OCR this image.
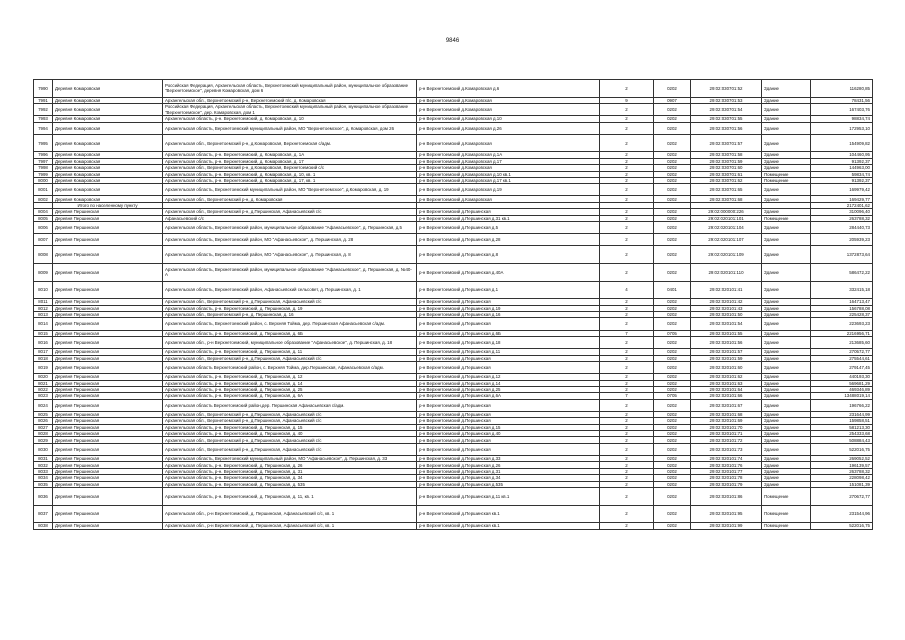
9846
7990	Деревня Комаровская	Российская Федерация, Архангельская область, Верхнетоемский муниципальный район, муниципальное образование "Верхнетоемское", деревня Комаровская, дом 6	р-н Верхнетоемский д.Комаровская д.6	2	0202	29:02:030701:52	Здание	116280,85
7991	Деревня Комаровская	Архангельская обл., Верхнетоемский р-н, Верхнетоемский п/с, д. Комаровская	р-н Верхнетоемский д.Комаровская	9	0907	29:02:030701:53	Здание	78431,56
7992	Деревня Комаровская	Российская Федерация, Архангельская область, Верхнетоемский муниципальный район, муниципальное образование "Верхнетоемское", дер. Комаровская, дом 1	р-н Верхнетоемский д.Комаровская	2	0202	29:02:030701:54	Здание	167403,76
7993	Деревня Комаровская	Архангельская область, р-н. Верхнетоемский, д. Комаровская, д. 10	р-н Верхнетоемский д.Комаровская д.10	2	0202	29:02:030701:55	Здание	98834,74
7994	Деревня Комаровская	Архангельская область, Верхнетоемский муниципальный район, МО "Верхнетоемское", д. Комаровская, дом 26	р-н Верхнетоемский д.Комаровская д.26	2	0202	29:02:030701:56	Здание	172953,10
7995	Деревня Комаровская	Архангельская обл., Верхнетоемский р-н, д.Комаровская, Верхнетоемская с/адм.	р-н Верхнетоемский д.Комаровская	2	0202	29:02:030701:57	Здание	154909,82
7996	Деревня Комаровская	Архангельская область, р-н. Верхнетоемский, д. Комаровская, д. 1А	р-н Верхнетоемский д.Комаровская д.1А	2	0202	29:02:030701:58	Здание	104460,95
7997	Деревня Комаровская	Архангельская область, р-н. Верхнетоемский, д. Комаровская, д. 17	р-н Верхнетоемский д.Комаровская д.17	2	0202	29:02:030701:59	Здание	91392,37
7998	Деревня Комаровская	Архангельская обл., Верхнетоемский р-н, д.Комаровская, Верхнетоемский с/с	р-н Верхнетоемский д.Комаровская	2	0202	29:02:030701:60	Здание	144963,00
7999	Деревня Комаровская	Архангельская область, р-н. Верхнетоемский, д. Комаровская, д. 10, кв. 1	р-н Верхнетоемский д.Комаровская д.10 кв.1	2	0202	29:02:030701:61	Помещение	59834,74
8000	Деревня Комаровская	Архангельская область, р-н. Верхнетоемский, д. Комаровская, д. 17, кв. 1	р-н Верхнетоемский д.Комаровская д.17 кв.1	2	0202	29:02:030701:62	Помещение	91392,37
8001	Деревня Комаровская	Архангельская область, Верхнетоемский муниципальный район, МО "Верхнетоемское", д.Комаровская, д. 19	р-н Верхнетоемский д.Комаровская д.19	2	0202	29:02:030701:65	Здание	169979,42
8002	Деревня Комаровская	Архангельская обл., Верхнетоемский р-н, д. Комаровская	р-н Верхнетоемский д.Комаровская	2	0202	29:02:030701:68	Здание	169429,77
	Итого по населенному пункту							2172401,62
8004	Деревня Першинская	Архангельская обл., Верхнетоемский р-н, д.Першинская, Афанасьевский с/с	р-н Верхнетоемский д.Першинская	2	0202	29:02:000000:226	Здание	310096,40
8005	Деревня Першинская	Афанасьевский с/с	р-н Верхнетоемский д.Першинская д.31 кв.1	2	0202	29:02:020101:101	Помещение	263788,32
8006	Деревня Першинская	Архангельская область, Верхнетоемский район, муниципальное образование "Афанасьевское", д. Першинская, д.5	р-н Верхнетоемский д.Першинская д.5	2	0202	29:02:020101:104	Здание	284440,73
8007	Деревня Першинская	Архангельская область, Верхнетоемский район, МО "Афанасьевское", д. Першинская, д. 28	р-н Верхнетоемский д.Першинская д.28	2	0202	29:02:020101:107	Здание	205939,23
8008	Деревня Першинская	Архангельская область, Верхнетоемский район, МО "Афанасьевское", д. Першинская, д. 8	р-н Верхнетоемский д.Першинская д.8	2	0202	29:02:020101:109	Здание	1372873,64
8009	Деревня Першинская	Архангельская область, Верхнетоемский район, муниципальное образование "Афанасьевское", д. Першинская, д. №40-А	р-н Верхнетоемский д.Першинская д.40А	2	0202	29:02:020101:110	Здание	586472,22
8010	Деревня Першинская	Архангельская область, Верхнетоемский район, Афанасьевский сельсовет, д. Першинская, д. 1	р-н Верхнетоемский д.Першинская д.1	4	0401	29:02:020101:41	Здание	332415,18
8011	Деревня Першинская	Архангельская обл., Верхнетоемский р-н, д.Першинская, Афанасьевский с/с	р-н Верхнетоемский д.Першинская	2	0202	29:02:020101:42	Здание	164713,47
8012	Деревня Першинская	Архангельская область, р-н. Верхнетоемский, д. Першинская, д. 19	р-н Верхнетоемский д.Першинская д.19	2	0202	29:02:020101:43	Здание	156788,08
8013	Деревня Першинская	Архангельская обл., Верхнетоемский р-н, д. Першинская, д. 16	р-н Верхнетоемский д.Першинская д.16	2	0202	29:02:020101:50	Здание	225428,37
8014	Деревня Першинская	Архангельская область, Верхнетоемский район, с. Верхняя Тойма, дер. Першинская Афанасьевская с/адм.	р-н Верхнетоемский д.Першинская	2	0202	29:02:020101:54	Здание	223693,23
8015	Деревня Першинская	Архангельская область, р-н. Верхнетоемский, д. Першинская, д. 6Б	р-н Верхнетоемский д.Першинская д.6Б	7	0705	29:02:020101:55	Здание	2216956,71
8016	Деревня Першинская	Архангельская обл., р-н Верхнетоемский, муниципальное образование "Афанасьевское", д. Першинская, д. 18	р-н Верхнетоемский д.Першинская д.18	2	0202	29:02:020101:56	Здание	213685,60
8017	Деревня Першинская	Архангельская область, р-н. Верхнетоемский, д. Першинская, д. 11	р-н Верхнетоемский д.Першинская д.11	2	0202	29:02:020101:57	Здание	270572,77
8018	Деревня Першинская	Архангельская обл., Верхнетоемский р-н, д.Першинская, Афанасьевский с/с	р-н Верхнетоемский д.Першинская	2	0202	29:02:020101:59	Здание	275544,61
8019	Деревня Першинская	Архангельская область Верхнетоемский район, с. Верхняя Тойма, дер.Першинская, Афанасьевская с/адм.	р-н Верхнетоемский д.Першинская	2	0202	29:02:020101:60	Здание	279147,45
8020	Деревня Першинская	Архангельская область, р-н. Верхнетоемский, д. Першинская, д. 12	р-н Верхнетоемский д.Першинская д.12	2	0202	29:02:020101:62	Здание	440193,30
8021	Деревня Першинская	Архангельская область, р-н. Верхнетоемский, д. Першинская, д. 14	р-н Верхнетоемский д.Першинская д.14	2	0202	29:02:020101:63	Здание	569681,29
8022	Деревня Першинская	Архангельская область, р-н. Верхнетоемский, д. Першинская, д. 25	р-н Верхнетоемский д.Першинская д.25	2	0202	29:02:020101:64	Здание	469346,89
8023	Деревня Першинская	Архангельская область, р-н. Верхнетоемский, д. Першинская, д. 6А	р-н Верхнетоемский д.Першинская д.6А	7	0705	29:02:020101:66	Здание	13488019,14
8024	Деревня Першинская	Архангельская область Верхнетоемский район,дер. Першинская Афанасьевская с/адм.	р-н Верхнетоемский д.Першинская	2	0202	29:02:020101:67	Здание	196766,22
8025	Деревня Першинская	Архангельская обл., Верхнетоемский р-н, д.Першинская, Афанасьевский с/с	р-н Верхнетоемский д.Першинская	2	0202	29:02:020101:68	Здание	231644,99
8026	Деревня Першинская	Архангельская обл., Верхнетоемский р-н, д.Першинская, Афанасьевский с/с	р-н Верхнетоемский д.Першинская	2	0202	29:02:020101:69	Здание	159858,51
8027	Деревня Першинская	Архангельская область, р-н. Верхнетоемский, д. Першинская, д. 15	р-н Верхнетоемский д.Першинская д.15	2	0202	29:02:020101:70	Здание	581213,30
8028	Деревня Першинская	Архангельская область, р-н. Верхнетоемский, д. Першинская, д. 40	р-н Верхнетоемский д.Першинская д.40	2	0202	29:02:020101:71	Здание	254333,68
8029	Деревня Першинская	Архангельская обл., Верхнетоемский р-н, д.Першинская, Афанасьевский с/с	р-н Верхнетоемский д.Першинская	2	0202	29:02:020101:72	Здание	508884,43
8030	Деревня Першинская	Архангельская обл., Верхнетоемский р-н, д.Першинская, Афанасьевский с/с	р-н Верхнетоемский д.Першинская	2	0202	29:02:020101:73	Здание	522016,75
8031	Деревня Першинская	Архангельская область, Верхнетоемский муниципальный район, МО "Афанасьевское", д. Першинская, д. 33	р-н Верхнетоемский д.Першинская д.33	2	0202	29:02:020101:74	Здание	269052,52
8032	Деревня Першинская	Архангельская область, р-н. Верхнетоемский, д. Першинская, д. 26	р-н Верхнетоемский д.Першинская д.26	2	0202	29:02:020101:76	Здание	196139,57
8033	Деревня Першинская	Архангельская область, р-н. Верхнетоемский, д. Першинская, д. 31	р-н Верхнетоемский д.Першинская д.31	2	0202	29:02:020101:77	Здание	263788,32
8034	Деревня Першинская	Архангельская область, р-н. Верхнетоемский, д. Першинская, д. 34	р-н Верхнетоемский д.Першинская д.34	2	0202	29:02:020101:78	Здание	228098,42
8035	Деревня Першинская	Архангельская область, р-н. Верхнетоемский, д. Першинская, д. 535	р-н Верхнетоемский д.Першинская д.535	2	0202	29:02:020101:79	Здание	151081,39
8036	Деревня Першинская	Архангельская область, р-н. Верхнетоемский, д. Першинская, д. 11, кв. 1	р-н Верхнетоемский д.Першинская д.11 кв.1	2	0202	29:02:020101:86	Помещение	270672,77
8037	Деревня Першинская	Архангельская обл., р-н Верхнетоемский, д. Першинская, Афанасьевский с/с, кв. 1	р-н Верхнетоемский д.Першинская кв.1	2	0202	29:02:020101:95	Помещение	231544,96
8038	Деревня Першинская	Архангельская обл., р-н Верхнетоемский, д. Першинская, Афанасьевский с/с, кв. 1	р-н Верхнетоемский д.Першинская кв.1	2	0202	29:02:020101:99	Помещение	522016,75
